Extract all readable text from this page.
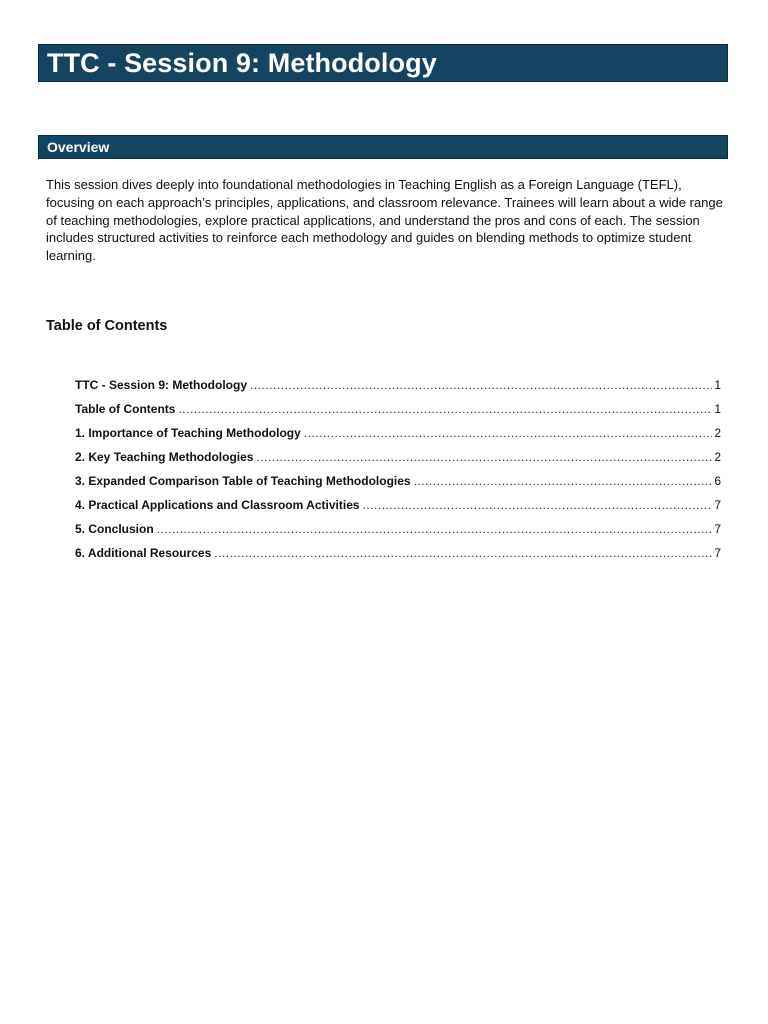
TTC - Session 9: Methodology
Overview

This session dives deeply into foundational methodologies in Teaching English as a Foreign Language (TEFL), focusing on each approach’s principles, applications, and classroom relevance. Trainees will learn about a wide range of teaching methodologies, explore practical applications, and understand the pros and cons of each. The session includes structured activities to reinforce each methodology and guides on blending methods to optimize student learning.

Table of Contents
TTC - Session 9: Methodology .....	1
Table of Contents .....	1
1. Importance of Teaching Methodology .....	2
2. Key Teaching Methodologies .....	2
3. Expanded Comparison Table of Teaching Methodologies .....	6
4. Practical Applications and Classroom Activities .....	7
5. Conclusion .....	7
6. Additional Resources .....	7
